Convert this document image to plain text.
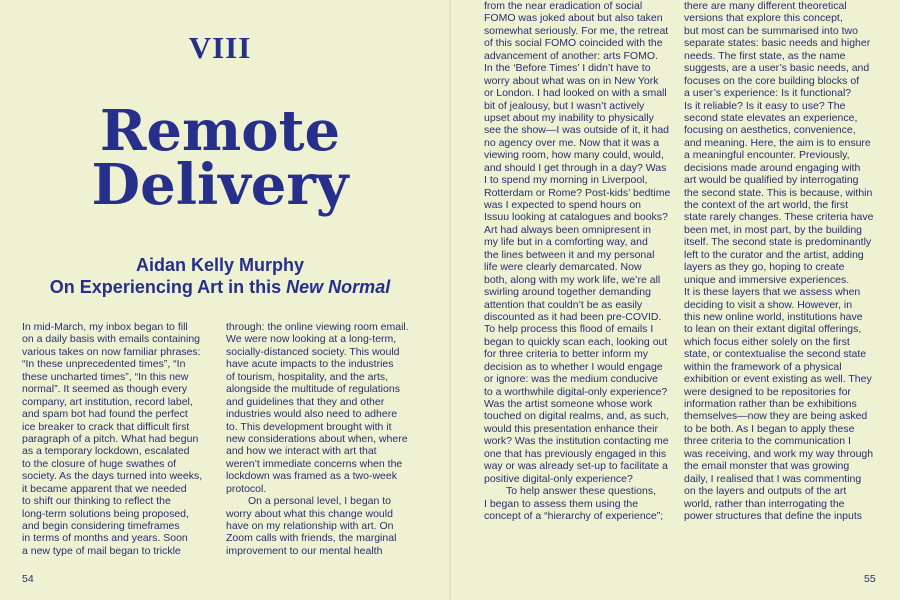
VIII
Remote
Delivery
Aidan Kelly Murphy
On Experiencing Art in this New Normal
In mid-March, my inbox began to fill
on a daily basis with emails containing
various takes on now familiar phrases:
“In these unprecedented times”, “In
these uncharted times”, “In this new
normal”. It seemed as though every
company, art institution, record label,
and spam bot had found the perfect
ice breaker to crack that difficult first
paragraph of a pitch. What had begun
as a temporary lockdown, escalated
to the closure of huge swathes of
society. As the days turned into weeks,
it became apparent that we needed
to shift our thinking to reflect the
long-term solutions being proposed,
and begin considering timeframes
in terms of months and years. Soon
a new type of mail began to trickle
through: the online viewing room email.
We were now looking at a long-term,
socially-distanced society. This would
have acute impacts to the industries
of tourism, hospitality, and the arts,
alongside the multitude of regulations
and guidelines that they and other
industries would also need to adhere
to. This development brought with it
new considerations about when, where
and how we interact with art that
weren’t immediate concerns when the
lockdown was framed as a two-week
protocol.
On a personal level, I began to
worry about what this change would
have on my relationship with art. On
Zoom calls with friends, the marginal
improvement to our mental health
from the near eradication of social
FOMO was joked about but also taken
somewhat seriously. For me, the retreat
of this social FOMO coincided with the
advancement of another: arts FOMO.
In the ‘Before Times’ I didn’t have to
worry about what was on in New York
or London. I had looked on with a small
bit of jealousy, but I wasn’t actively
upset about my inability to physically
see the show—I was outside of it, it had
no agency over me. Now that it was a
viewing room, how many could, would,
and should I get through in a day? Was
I to spend my morning in Liverpool,
Rotterdam or Rome? Post-kids’ bedtime
was I expected to spend hours on
Issuu looking at catalogues and books?
Art had always been omnipresent in
my life but in a comforting way, and
the lines between it and my personal
life were clearly demarcated. Now
both, along with my work life, we’re all
swirling around together demanding
attention that couldn’t be as easily
discounted as it had been pre-COVID.
To help process this flood of emails I
began to quickly scan each, looking out
for three criteria to better inform my
decision as to whether I would engage
or ignore: was the medium conducive
to a worthwhile digital-only experience?
Was the artist someone whose work
touched on digital realms, and, as such,
would this presentation enhance their
work? Was the institution contacting me
one that has previously engaged in this
way or was already set-up to facilitate a
positive digital-only experience?
To help answer these questions,
I began to assess them using the
concept of a “hierarchy of experience”;
there are many different theoretical
versions that explore this concept,
but most can be summarised into two
separate states: basic needs and higher
needs. The first state, as the name
suggests, are a user’s basic needs, and
focuses on the core building blocks of
a user’s experience: Is it functional?
Is it reliable? Is it easy to use? The
second state elevates an experience,
focusing on aesthetics, convenience,
and meaning. Here, the aim is to ensure
a meaningful encounter. Previously,
decisions made around engaging with
art would be qualified by interrogating
the second state. This is because, within
the context of the art world, the first
state rarely changes. These criteria have
been met, in most part, by the building
itself. The second state is predominantly
left to the curator and the artist, adding
layers as they go, hoping to create
unique and immersive experiences.
It is these layers that we assess when
deciding to visit a show. However, in
this new online world, institutions have
to lean on their extant digital offerings,
which focus either solely on the first
state, or contextualise the second state
within the framework of a physical
exhibition or event existing as well. They
were designed to be repositories for
information rather than be exhibitions
themselves—now they are being asked
to be both. As I began to apply these
three criteria to the communication I
was receiving, and work my way through
the email monster that was growing
daily, I realised that I was commenting
on the layers and outputs of the art
world, rather than interrogating the
power structures that define the inputs
54	55
